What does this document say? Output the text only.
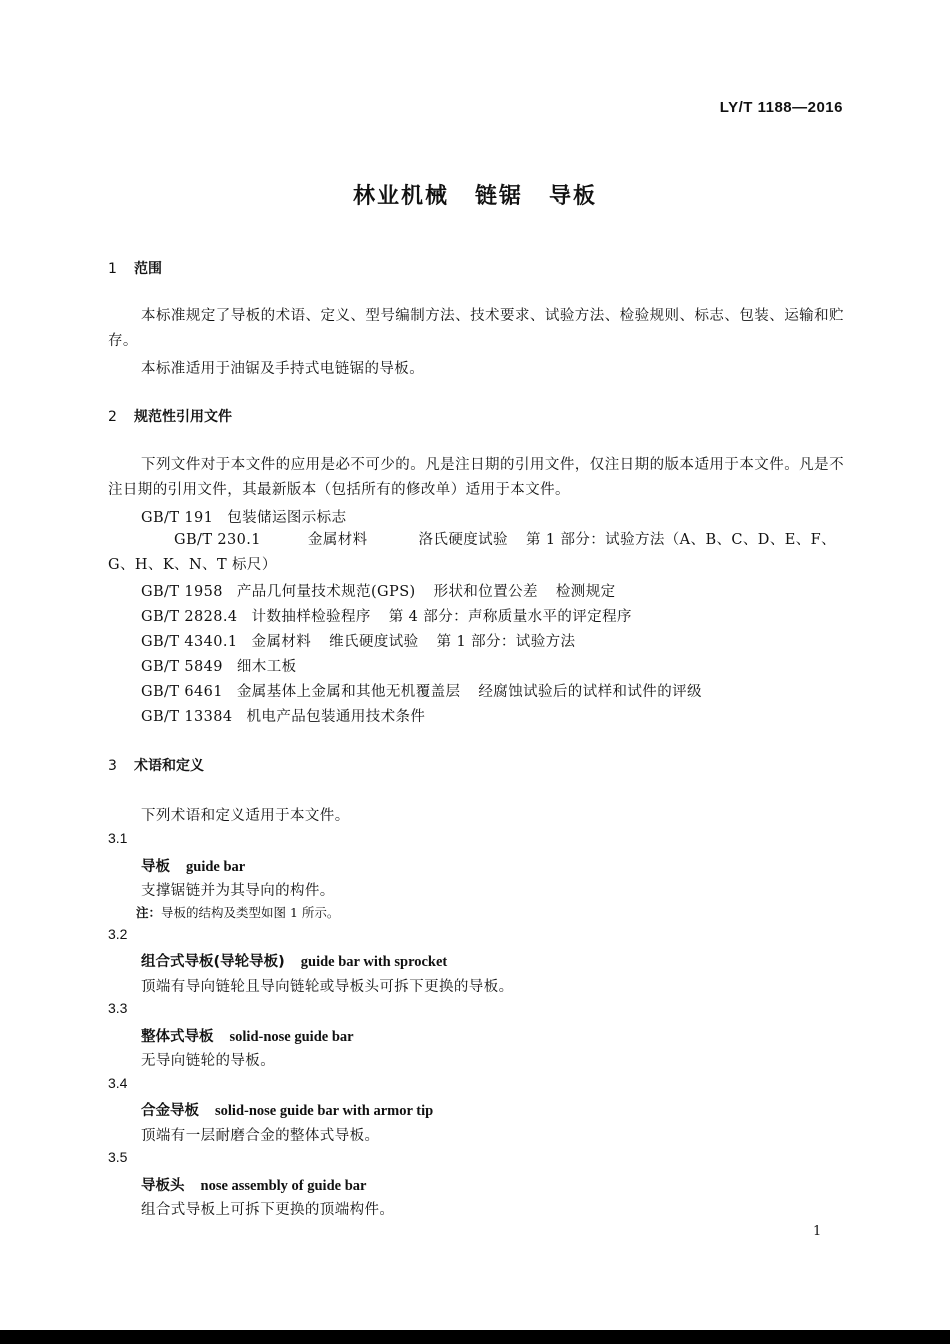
LY/T 1188—2016
林业机械 链锯 导板
1 范围
本标准规定了导板的术语、定义、型号编制方法、技术要求、试验方法、检验规则、标志、包装、运输和贮存。
本标准适用于油锯及手持式电链锯的导板。
2 规范性引用文件
下列文件对于本文件的应用是必不可少的。凡是注日期的引用文件，仅注日期的版本适用于本文件。凡是不注日期的引用文件，其最新版本（包括所有的修改单）适用于本文件。
GB/T 191 包装储运图示标志
GB/T 230.1	金属材料	洛氏硬度试验 第 1 部分：试验方法（A、B、C、D、E、F、G、H、K、N、T 标尺）
GB/T 1958 产品几何量技术规范(GPS) 形状和位置公差 检测规定
GB/T 2828.4 计数抽样检验程序 第 4 部分：声称质量水平的评定程序
GB/T 4340.1 金属材料 维氏硬度试验 第 1 部分：试验方法
GB/T 5849 细木工板
GB/T 6461 金属基体上金属和其他无机覆盖层 经腐蚀试验后的试样和试件的评级
GB/T 13384 机电产品包装通用技术条件
3 术语和定义
下列术语和定义适用于本文件。
3.1
导板 guide bar
支撑锯链并为其导向的构件。
注：导板的结构及类型如图 1 所示。
3.2
组合式导板(导轮导板) guide bar with sprocket
顶端有导向链轮且导向链轮或导板头可拆下更换的导板。
3.3
整体式导板 solid-nose guide bar
无导向链轮的导板。
3.4
合金导板 solid-nose guide bar with armor tip
顶端有一层耐磨合金的整体式导板。
3.5
导板头 nose assembly of guide bar
组合式导板上可拆下更换的顶端构件。
1
